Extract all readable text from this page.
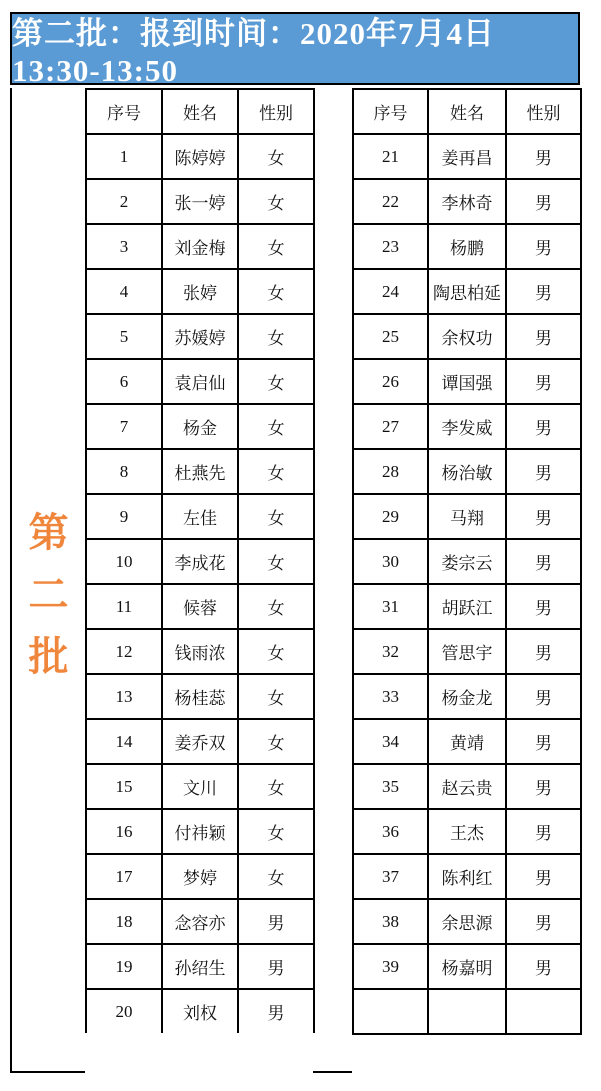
第二批：报到时间：2020年7月4日13:30-13:50
第
二
批
序号	姓名	性别
1	陈婷婷	女
2	张一婷	女
3	刘金梅	女
4	张婷	女
5	苏媛婷	女
6	袁启仙	女
7	杨金	女
8	杜燕先	女
9	左佳	女
10	李成花	女
11	候蓉	女
12	钱雨浓	女
13	杨桂蕊	女
14	姜乔双	女
15	文川	女
16	付祎颖	女
17	梦婷	女
18	念容亦	男
19	孙绍生	男
20	刘权	男
序号	姓名	性别
21	姜再昌	男
22	李林奇	男
23	杨鹏	男
24	陶思柏延	男
25	余权功	男
26	谭国强	男
27	李发威	男
28	杨治敏	男
29	马翔	男
30	娄宗云	男
31	胡跃江	男
32	管思宇	男
33	杨金龙	男
34	黄靖	男
35	赵云贵	男
36	王杰	男
37	陈利红	男
38	余思源	男
39	杨嘉明	男
